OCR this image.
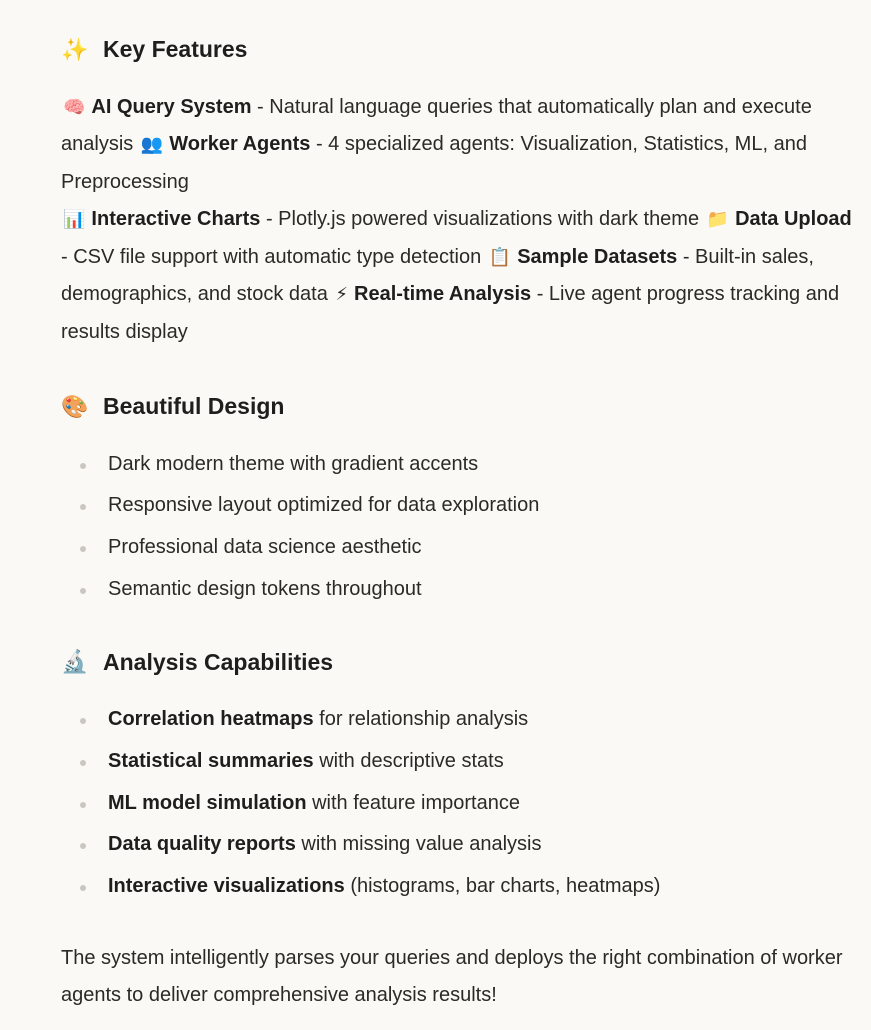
✨ Key Features

🧠 AI Query System - Natural language queries that automatically plan and execute analysis 👥 Worker Agents - 4 specialized agents: Visualization, Statistics, ML, and Preprocessing
📊 Interactive Charts - Plotly.js powered visualizations with dark theme 📁 Data Upload - CSV file support with automatic type detection 📋 Sample Datasets - Built-in sales, demographics, and stock data ⚡ Real-time Analysis - Live agent progress tracking and results display

🎨 Beautiful Design
Dark modern theme with gradient accents
Responsive layout optimized for data exploration
Professional data science aesthetic
Semantic design tokens throughout
🔬 Analysis Capabilities
Correlation heatmaps for relationship analysis
Statistical summaries with descriptive stats
ML model simulation with feature importance
Data quality reports with missing value analysis
Interactive visualizations (histograms, bar charts, heatmaps)

The system intelligently parses your queries and deploys the right combination of worker agents to deliver comprehensive analysis results!
